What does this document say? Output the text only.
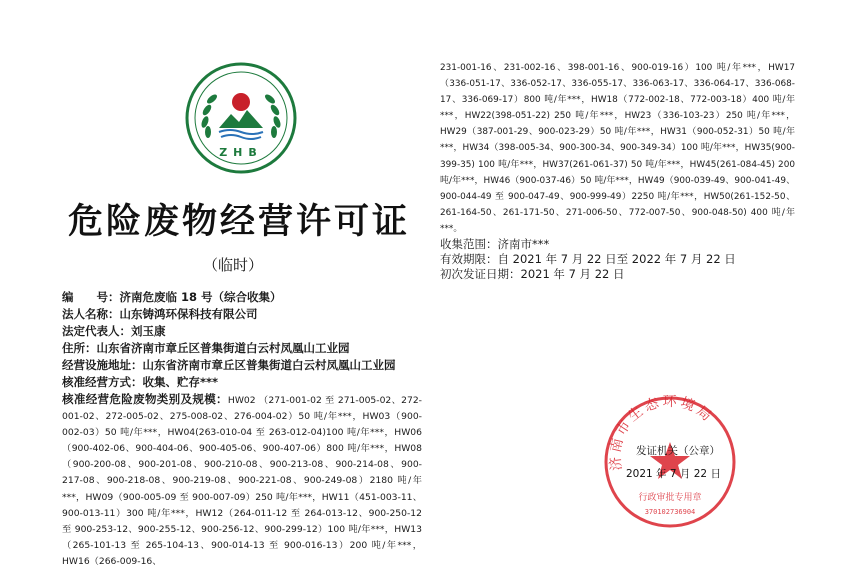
ZHB
危险废物经营许可证
（临时）
编　　号：济南危废临 18 号（综合收集）
法人名称：山东铸鸿环保科技有限公司
法定代表人：刘玉康
住所：山东省济南市章丘区普集街道白云村凤凰山工业园
经营设施地址：山东省济南市章丘区普集街道白云村凤凰山工业园
核准经营方式：收集、贮存***
核准经营危险废物类别及规模：HW02 （271-001-02 至 271-005-02、272-001-02、272-005-02、275-008-02、276-004-02）50 吨/年***，HW03（900-002-03）50 吨/年***，HW04(263-010-04 至 263-012-04)100 吨/年***，HW06（900-402-06、900-404-06、900-405-06、900-407-06）800 吨/年***，HW08（900-200-08、900-201-08、900-210-08、900-213-08、900-214-08、900-217-08、900-218-08、900-219-08、900-221-08、900-249-08）2180 吨/年***，HW09（900-005-09 至 900-007-09）250 吨/年***，HW11（451-003-11、900-013-11）300 吨/年***，HW12（264-011-12 至 264-013-12、900-250-12 至 900-253-12、900-255-12、900-256-12、900-299-12）100 吨/年***，HW13（265-101-13 至 265-104-13、900-014-13 至 900-016-13）200 吨/年***，HW16（266-009-16、
231-001-16、231-002-16、398-001-16、900-019-16）100 吨/年***，HW17（336-051-17、336-052-17、336-055-17、336-063-17、336-064-17、336-068-17、336-069-17）800 吨/年***，HW18（772-002-18、772-003-18）400 吨/年***，HW22(398-051-22) 250 吨/年***，HW23（336-103-23）250 吨/年***，HW29（387-001-29、900-023-29）50 吨/年***，HW31（900-052-31）50 吨/年***，HW34（398-005-34、900-300-34、900-349-34）100 吨/年***，HW35(900-399-35) 100 吨/年***，HW37(261-061-37) 50 吨/年***，HW45(261-084-45) 200 吨/年***，HW46（900-037-46）50 吨/年***，HW49（900-039-49、900-041-49、900-044-49 至 900-047-49、900-999-49）2250 吨/年***，HW50(261-152-50、261-164-50、261-171-50、271-006-50、772-007-50、900-048-50) 400 吨/年***。
收集范围：济南市***
有效期限：自 2021 年 7 月 22 日至 2022 年 7 月 22 日
初次发证日期：2021 年 7 月 22 日
济南市生态环境局
行政审批专用章
370102736904
发证机关（公章）
2021 年 7 月 22 日
